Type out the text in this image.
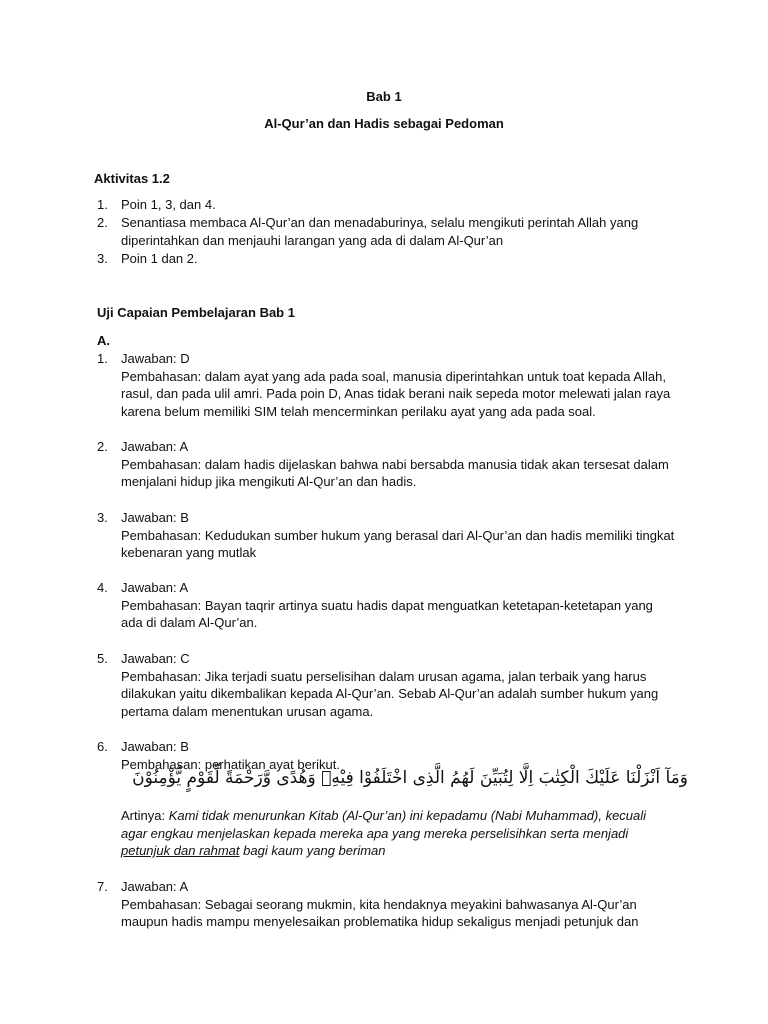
Bab 1
Al-Qur’an dan Hadis sebagai Pedoman
Aktivitas 1.2
1. Poin 1, 3, dan 4.
2. Senantiasa membaca Al-Qur’an dan menadaburinya, selalu mengikuti perintah Allah yang
diperintahkan dan menjauhi larangan yang ada di dalam Al-Qur’an
3. Poin 1 dan 2.
Uji Capaian Pembelajaran Bab 1
A.
1. Jawaban: D
Pembahasan: dalam ayat yang ada pada soal, manusia diperintahkan untuk toat kepada Allah,
rasul, dan pada ulil amri. Pada poin D, Anas tidak berani naik sepeda motor melewati jalan raya
karena belum memiliki SIM telah mencerminkan perilaku ayat yang ada pada soal.
2. Jawaban: A
Pembahasan: dalam hadis dijelaskan bahwa nabi bersabda manusia tidak akan tersesat dalam
menjalani hidup jika mengikuti Al-Qur’an dan hadis.
3. Jawaban: B
Pembahasan: Kedudukan sumber hukum yang berasal dari Al-Qur’an dan hadis memiliki tingkat
kebenaran yang mutlak
4. Jawaban: A
Pembahasan: Bayan taqrir artinya suatu hadis dapat menguatkan ketetapan-ketetapan yang
ada di dalam Al-Qur’an.
5. Jawaban: C
Pembahasan: Jika terjadi suatu perselisihan dalam urusan agama, jalan terbaik yang harus
dilakukan yaitu dikembalikan kepada Al-Qur’an. Sebab Al-Qur’an adalah sumber hukum yang
pertama dalam menentukan urusan agama.
6. Jawaban: B
Pembahasan: perhatikan ayat berikut.
وَمَآ اَنْزَلْنَا عَلَيْكَ الْكِتٰبَ اِلَّا لِتُبَيِّنَ لَهُمُ الَّذِى اخْتَلَفُوْا فِيْهِۙ وَهُدًى وَّرَحْمَةً لِّقَوْمٍ يُّؤْمِنُوْنَ
Artinya: Kami tidak menurunkan Kitab (Al-Qur’an) ini kepadamu (Nabi Muhammad), kecuali
agar engkau menjelaskan kepada mereka apa yang mereka perselisihkan serta menjadi
petunjuk dan rahmat bagi kaum yang beriman
7. Jawaban: A
Pembahasan: Sebagai seorang mukmin, kita hendaknya meyakini bahwasanya Al-Qur’an
maupun hadis mampu menyelesaikan problematika hidup sekaligus menjadi petunjuk dan
